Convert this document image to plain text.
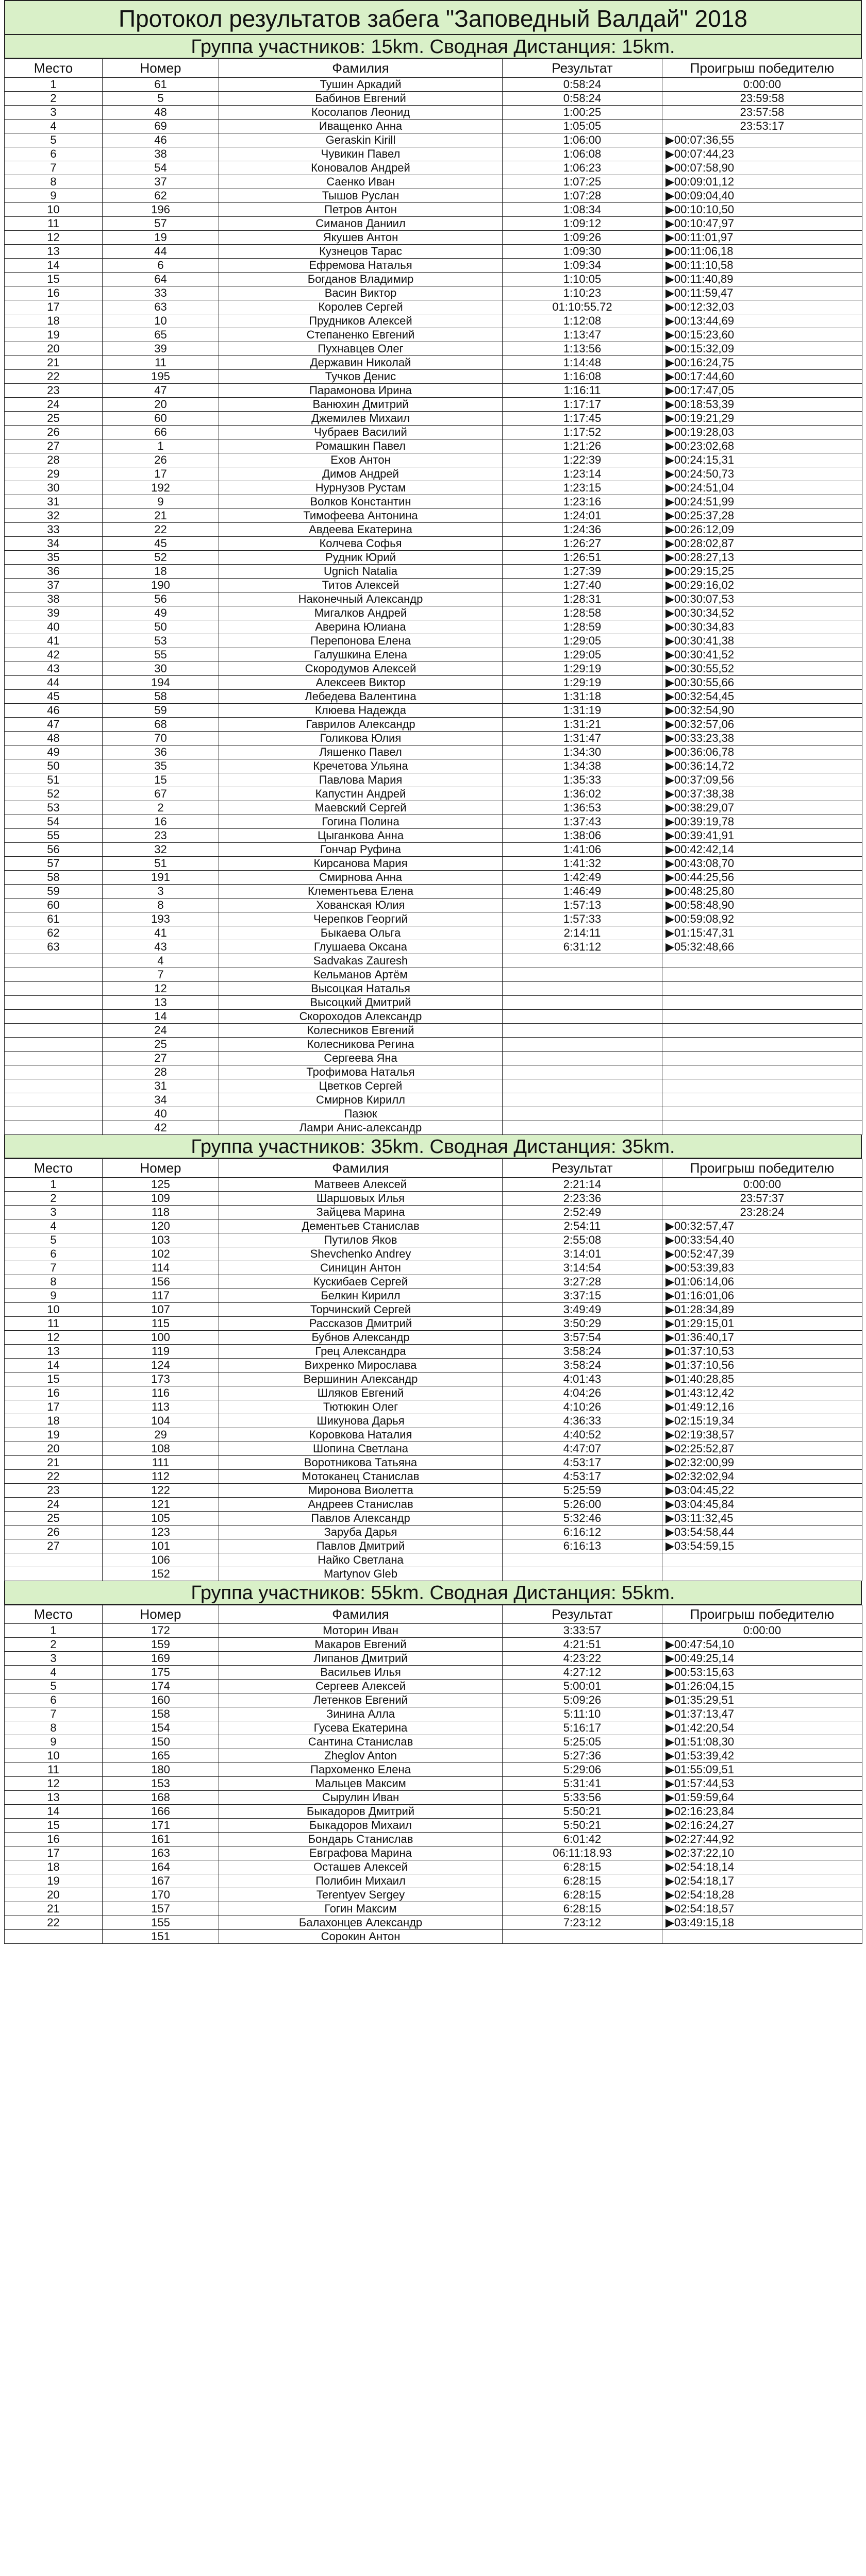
Протокол результатов забега "Заповедный Валдай" 2018
Группа участников: 15km. Сводная Дистанция: 15km.
Место	Номер	Фамилия	Результат	Проигрыш победителю
1	61	Тушин Аркадий	0:58:24	0:00:00
2	5	Бабинов Евгений	0:58:24	23:59:58
3	48	Косолапов Леонид	1:00:25	23:57:58
4	69	Иващенко Анна	1:05:05	23:53:17
5	46	Geraskin Kirill	1:06:00	▶00:07:36,55
6	38	Чувикин Павел	1:06:08	▶00:07:44,23
7	54	Коновалов Андрей	1:06:23	▶00:07:58,90
8	37	Саенко Иван	1:07:25	▶00:09:01,12
9	62	Тышов Руслан	1:07:28	▶00:09:04,40
10	196	Петров Антон	1:08:34	▶00:10:10,50
11	57	Симанов Даниил	1:09:12	▶00:10:47,97
12	19	Якушев Антон	1:09:26	▶00:11:01,97
13	44	Кузнецов Тарас	1:09:30	▶00:11:06,18
14	6	Ефремова Наталья	1:09:34	▶00:11:10,58
15	64	Богданов Владимир	1:10:05	▶00:11:40,89
16	33	Васин Виктор	1:10:23	▶00:11:59,47
17	63	Королев Сергей	01:10:55.72	▶00:12:32,03
18	10	Прудников Алексей	1:12:08	▶00:13:44,69
19	65	Степаненко Евгений	1:13:47	▶00:15:23,60
20	39	Пухнавцев Олег	1:13:56	▶00:15:32,09
21	11	Державин Николай	1:14:48	▶00:16:24,75
22	195	Тучков Денис	1:16:08	▶00:17:44,60
23	47	Парамонова Ирина	1:16:11	▶00:17:47,05
24	20	Ванюхин Дмитрий	1:17:17	▶00:18:53,39
25	60	Джемилев Михаил	1:17:45	▶00:19:21,29
26	66	Чубраев Василий	1:17:52	▶00:19:28,03
27	1	Ромашкин Павел	1:21:26	▶00:23:02,68
28	26	Ехов Антон	1:22:39	▶00:24:15,31
29	17	Димов Андрей	1:23:14	▶00:24:50,73
30	192	Нурнузов Рустам	1:23:15	▶00:24:51,04
31	9	Волков Константин	1:23:16	▶00:24:51,99
32	21	Тимофеева Антонина	1:24:01	▶00:25:37,28
33	22	Авдеева Екатерина	1:24:36	▶00:26:12,09
34	45	Колчева Софья	1:26:27	▶00:28:02,87
35	52	Рудник Юрий	1:26:51	▶00:28:27,13
36	18	Ugnich Natalia	1:27:39	▶00:29:15,25
37	190	Титов Алексей	1:27:40	▶00:29:16,02
38	56	Наконечный Александр	1:28:31	▶00:30:07,53
39	49	Мигалков Андрей	1:28:58	▶00:30:34,52
40	50	Аверина Юлиана	1:28:59	▶00:30:34,83
41	53	Перепонова Елена	1:29:05	▶00:30:41,38
42	55	Галушкина Елена	1:29:05	▶00:30:41,52
43	30	Скородумов Алексей	1:29:19	▶00:30:55,52
44	194	Алексеев Виктор	1:29:19	▶00:30:55,66
45	58	Лебедева Валентина	1:31:18	▶00:32:54,45
46	59	Клюева Надежда	1:31:19	▶00:32:54,90
47	68	Гаврилов Александр	1:31:21	▶00:32:57,06
48	70	Голикова Юлия	1:31:47	▶00:33:23,38
49	36	Ляшенко Павел	1:34:30	▶00:36:06,78
50	35	Кречетова Ульяна	1:34:38	▶00:36:14,72
51	15	Павлова Мария	1:35:33	▶00:37:09,56
52	67	Капустин Андрей	1:36:02	▶00:37:38,38
53	2	Маевский Сергей	1:36:53	▶00:38:29,07
54	16	Гогина Полина	1:37:43	▶00:39:19,78
55	23	Цыганкова Анна	1:38:06	▶00:39:41,91
56	32	Гончар Руфина	1:41:06	▶00:42:42,14
57	51	Кирсанова Мария	1:41:32	▶00:43:08,70
58	191	Смирнова Анна	1:42:49	▶00:44:25,56
59	3	Клементьева Елена	1:46:49	▶00:48:25,80
60	8	Хованская Юлия	1:57:13	▶00:58:48,90
61	193	Черепков Георгий	1:57:33	▶00:59:08,92
62	41	Быкаева Ольга	2:14:11	▶01:15:47,31
63	43	Глушаева Оксана	6:31:12	▶05:32:48,66
	4	Sadvakas Zauresh		
	7	Кельманов Артём		
	12	Высоцкая Наталья		
	13	Высоцкий Дмитрий		
	14	Скороходов Александр		
	24	Колесников Евгений		
	25	Колесникова Регина		
	27	Сергеева Яна		
	28	Трофимова Наталья		
	31	Цветков Сергей		
	34	Смирнов Кирилл		
	40	Пазюк		
	42	Ламри Анис-александр		
Группа участников: 35km. Сводная Дистанция: 35km.
Место	Номер	Фамилия	Результат	Проигрыш победителю
1	125	Матвеев Алексей	2:21:14	0:00:00
2	109	Шаршовых Илья	2:23:36	23:57:37
3	118	Зайцева Марина	2:52:49	23:28:24
4	120	Дементьев Станислав	2:54:11	▶00:32:57,47
5	103	Путилов Яков	2:55:08	▶00:33:54,40
6	102	Shevchenko Andrey	3:14:01	▶00:52:47,39
7	114	Синицин Антон	3:14:54	▶00:53:39,83
8	156	Кускибаев Сергей	3:27:28	▶01:06:14,06
9	117	Белкин Кирилл	3:37:15	▶01:16:01,06
10	107	Торчинский Сергей	3:49:49	▶01:28:34,89
11	115	Рассказов Дмитрий	3:50:29	▶01:29:15,01
12	100	Бубнов Александр	3:57:54	▶01:36:40,17
13	119	Грец Александра	3:58:24	▶01:37:10,53
14	124	Вихренко Мирослава	3:58:24	▶01:37:10,56
15	173	Вершинин Александр	4:01:43	▶01:40:28,85
16	116	Шляков Евгений	4:04:26	▶01:43:12,42
17	113	Тютюкин Олег	4:10:26	▶01:49:12,16
18	104	Шикунова Дарья	4:36:33	▶02:15:19,34
19	29	Коровкова Наталия	4:40:52	▶02:19:38,57
20	108	Шопина Светлана	4:47:07	▶02:25:52,87
21	111	Воротникова Татьяна	4:53:17	▶02:32:00,99
22	112	Мотоканец Станислав	4:53:17	▶02:32:02,94
23	122	Миронова Виолетта	5:25:59	▶03:04:45,22
24	121	Андреев Станислав	5:26:00	▶03:04:45,84
25	105	Павлов Александр	5:32:46	▶03:11:32,45
26	123	Заруба Дарья	6:16:12	▶03:54:58,44
27	101	Павлов Дмитрий	6:16:13	▶03:54:59,15
	106	Найко Светлана		
	152	Martynov Gleb		
Группа участников: 55km. Сводная Дистанция: 55km.
Место	Номер	Фамилия	Результат	Проигрыш победителю
1	172	Моторин Иван	3:33:57	0:00:00
2	159	Макаров Евгений	4:21:51	▶00:47:54,10
3	169	Липанов Дмитрий	4:23:22	▶00:49:25,14
4	175	Васильев Илья	4:27:12	▶00:53:15,63
5	174	Сергеев Алексей	5:00:01	▶01:26:04,15
6	160	Летенков Евгений	5:09:26	▶01:35:29,51
7	158	Зинина Алла	5:11:10	▶01:37:13,47
8	154	Гусева Екатерина	5:16:17	▶01:42:20,54
9	150	Сантина Станислав	5:25:05	▶01:51:08,30
10	165	Zheglov Anton	5:27:36	▶01:53:39,42
11	180	Пархоменко Елена	5:29:06	▶01:55:09,51
12	153	Мальцев Максим	5:31:41	▶01:57:44,53
13	168	Сырулин Иван	5:33:56	▶01:59:59,64
14	166	Быкадоров Дмитрий	5:50:21	▶02:16:23,84
15	171	Быкадоров Михаил	5:50:21	▶02:16:24,27
16	161	Бондарь Станислав	6:01:42	▶02:27:44,92
17	163	Евграфова Марина	06:11:18.93	▶02:37:22,10
18	164	Осташев Алексей	6:28:15	▶02:54:18,14
19	167	Полибин Михаил	6:28:15	▶02:54:18,17
20	170	Terentyev Sergey	6:28:15	▶02:54:18,28
21	157	Гогин Максим	6:28:15	▶02:54:18,57
22	155	Балахонцев Александр	7:23:12	▶03:49:15,18
	151	Сорокин Антон		
